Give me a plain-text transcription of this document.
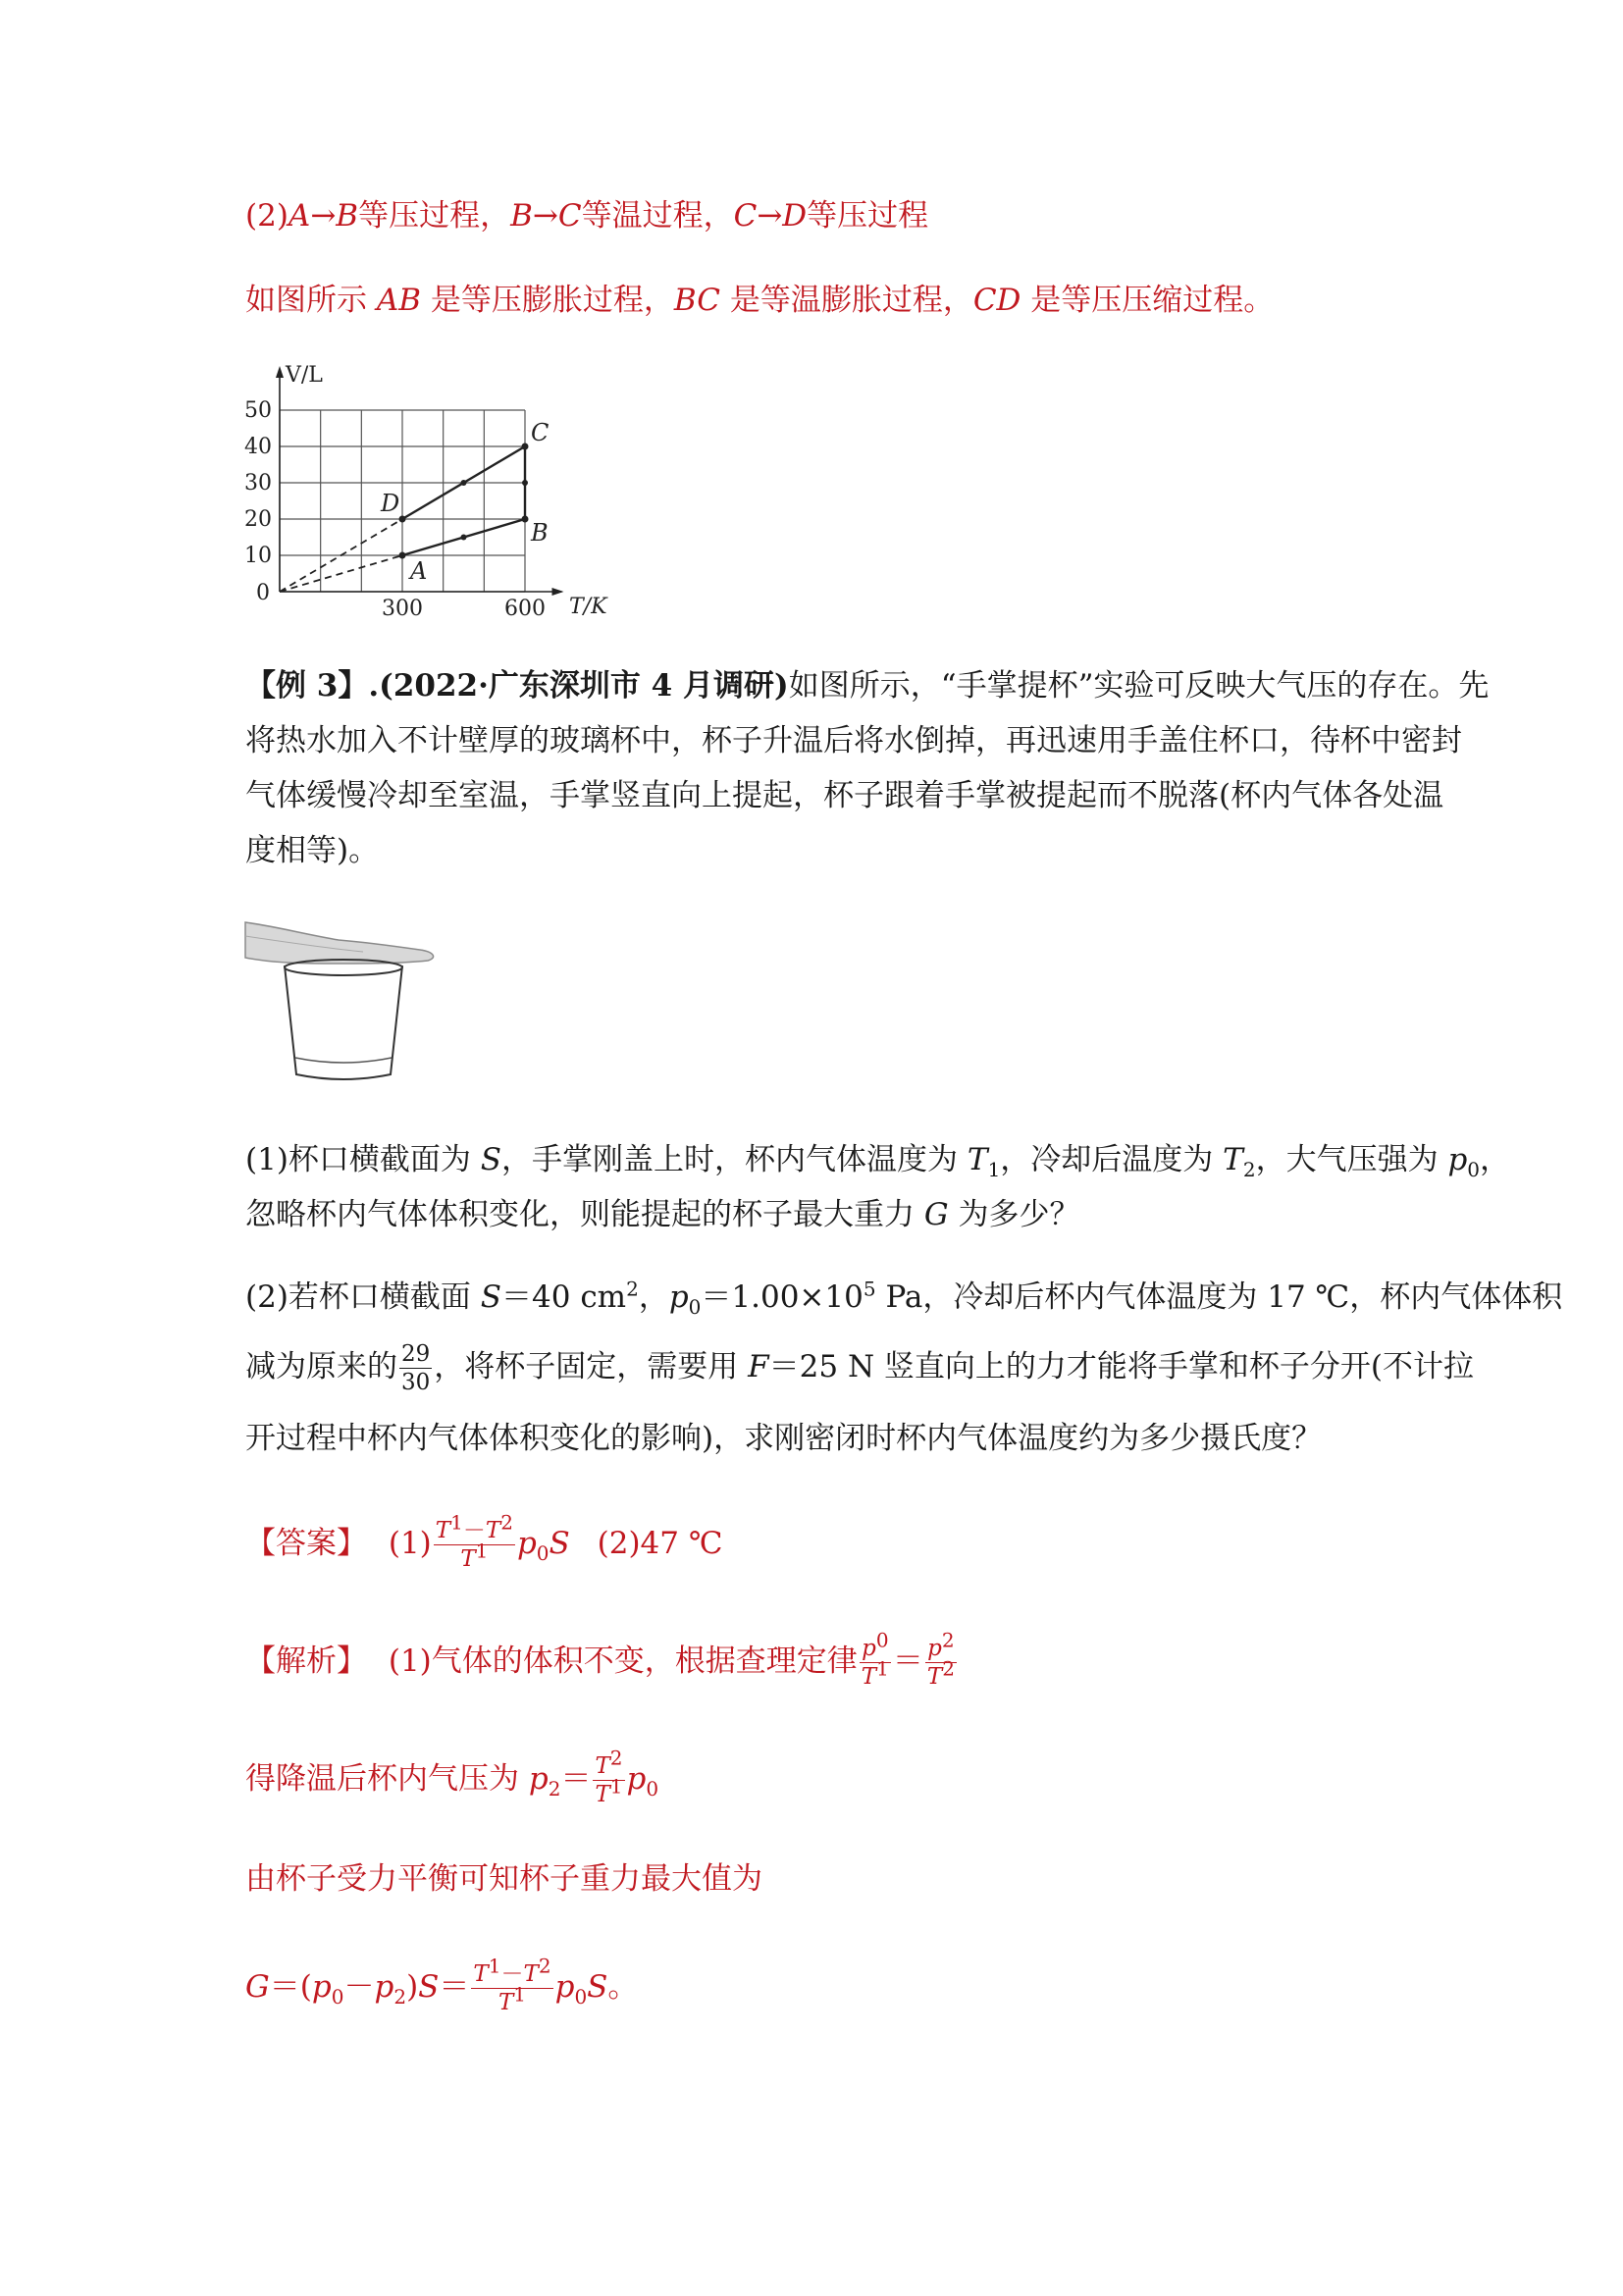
(2)A→B等压过程，B→C等温过程，C→D等压过程
如图所示 AB 是等压膨胀过程，BC 是等温膨胀过程，CD 是等压压缩过程。
V/L
T/K
0
10
20
30
40
50
300	600
A
B
C
D
【例 3】.(2022·广东深圳市 4 月调研)如图所示，“手掌提杯”实验可反映大气压的存在。先
将热水加入不计壁厚的玻璃杯中，杯子升温后将水倒掉，再迅速用手盖住杯口，待杯中密封
气体缓慢冷却至室温，手掌竖直向上提起，杯子跟着手掌被提起而不脱落(杯内气体各处温
度相等)。
(1)杯口横截面为 S，手掌刚盖上时，杯内气体温度为 $T_1$，冷却后温度为 $T_2$，大气压强为 $p_0$，
忽略杯内气体体积变化，则能提起的杯子最大重力 G 为多少？
(2)若杯口横截面 S＝40 $cm^2$，$p_0=1.00\times 10^5$ Pa，冷却后杯内气体温度为 17 ℃，杯内气体体积
减为原来的 $\frac{29}{30}$ ，将杯子固定，需要用 F＝25 N 竖直向上的力才能将手掌和杯子分开(不计拉
开过程中杯内气体体积变化的影响)，求刚密闭时杯内气体温度约为多少摄氏度？
【答案】 $(1) \frac{T^1-T^2}{T^1} p_0S$ (2)47 ℃
【解析】 (1)气体的体积不变，根据查理定律 $\frac{p^0}{T^1} = \frac{p^2}{T^2}$
得降温后杯内气压为 $p_2= \frac{T^2}{T^1} p_0$
由杯子受力平衡可知杯子重力最大值为
$G=(p_0-p_2)S= \frac{T^1-T^2}{T^1} p_0S$。
